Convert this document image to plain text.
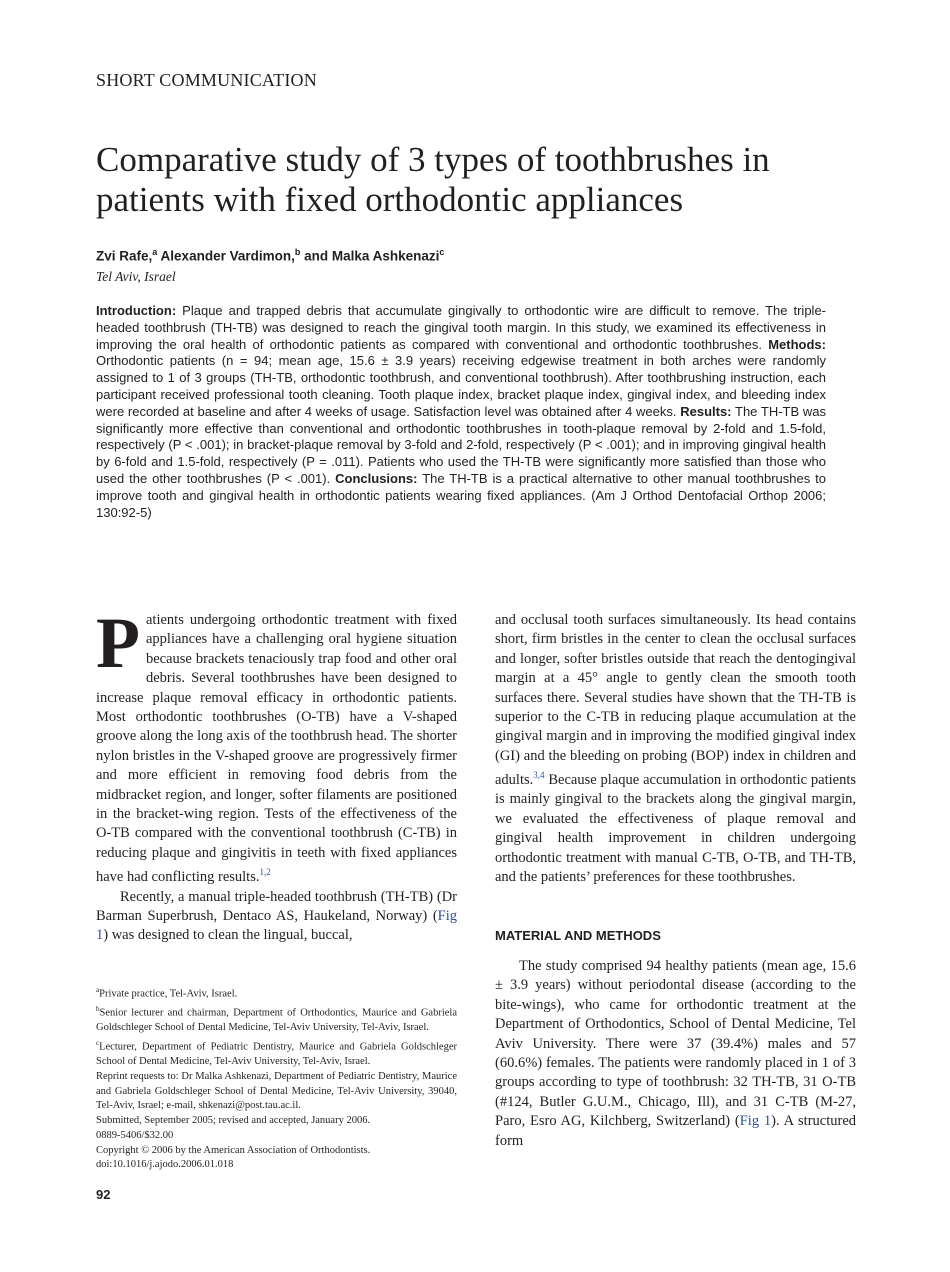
SHORT COMMUNICATION
Comparative study of 3 types of toothbrushes in patients with fixed orthodontic appliances
Zvi Rafe,$^a$ Alexander Vardimon,$^b$ and Malka Ashkenazi$^c$
Tel Aviv, Israel
Introduction: Plaque and trapped debris that accumulate gingivally to orthodontic wire are difficult to remove. The triple-headed toothbrush (TH-TB) was designed to reach the gingival tooth margin. In this study, we examined its effectiveness in improving the oral health of orthodontic patients as compared with conventional and orthodontic toothbrushes. Methods: Orthodontic patients (n = 94; mean age, 15.6 ± 3.9 years) receiving edgewise treatment in both arches were randomly assigned to 1 of 3 groups (TH-TB, orthodontic toothbrush, and conventional toothbrush). After toothbrushing instruction, each participant received professional tooth cleaning. Tooth plaque index, bracket plaque index, gingival index, and bleeding index were recorded at baseline and after 4 weeks of usage. Satisfaction level was obtained after 4 weeks. Results: The TH-TB was significantly more effective than conventional and orthodontic toothbrushes in tooth-plaque removal by 2-fold and 1.5-fold, respectively (P < .001); in bracket-plaque removal by 3-fold and 2-fold, respectively (P < .001); and in improving gingival health by 6-fold and 1.5-fold, respectively (P = .011). Patients who used the TH-TB were significantly more satisfied than those who used the other toothbrushes (P < .001). Conclusions: The TH-TB is a practical alternative to other manual toothbrushes to improve tooth and gingival health in orthodontic patients wearing fixed appliances. (Am J Orthod Dentofacial Orthop 2006; 130:92-5)

Patients undergoing orthodontic treatment with fixed appliances have a challenging oral hygiene situation because brackets tenaciously trap food and other oral debris. Several toothbrushes have been designed to increase plaque removal efficacy in orthodontic patients. Most orthodontic toothbrushes (O-TB) have a V-shaped groove along the long axis of the toothbrush head. The shorter nylon bristles in the V-shaped groove are progressively firmer and more efficient in removing food debris from the midbracket region, and longer, softer filaments are positioned in the bracket-wing region. Tests of the effectiveness of the O-TB compared with the conventional toothbrush (C-TB) in reducing plaque and gingivitis in teeth with fixed appliances have had conflicting results.$^{1,2}$

Recently, a manual triple-headed toothbrush (TH-TB) (Dr Barman Superbrush, Dentaco AS, Haukeland, Norway) (Fig 1) was designed to clean the lingual, buccal,

and occlusal tooth surfaces simultaneously. Its head contains short, firm bristles in the center to clean the occlusal surfaces and longer, softer bristles outside that reach the dentogingival margin at a 45° angle to gently clean the smooth tooth surfaces there. Several studies have shown that the TH-TB is superior to the C-TB in reducing plaque accumulation at the gingival margin and in improving the modified gingival index (GI) and the bleeding on probing (BOP) index in children and adults.$^{3,4}$ Because plaque accumulation in orthodontic patients is mainly gingival to the brackets along the gingival margin, we evaluated the effectiveness of plaque removal and gingival health improvement in children undergoing orthodontic treatment with manual C-TB, O-TB, and TH-TB, and the patients’ preferences for these toothbrushes.

MATERIAL AND METHODS

The study comprised 94 healthy patients (mean age, 15.6 ± 3.9 years) without periodontal disease (according to the bite-wings), who came for orthodontic treatment at the Department of Orthodontics, School of Dental Medicine, Tel Aviv University. There were 37 (39.4%) males and 57 (60.6%) females. The patients were randomly placed in 1 of 3 groups according to type of toothbrush: 32 TH-TB, 31 O-TB (#124, Butler G.U.M., Chicago, Ill), and 31 C-TB (M-27, Paro, Esro AG, Kilchberg, Switzerland) (Fig 1). A structured form

$^a$Private practice, Tel-Aviv, Israel.
$^b$Senior lecturer and chairman, Department of Orthodontics, Maurice and Gabriela Goldschleger School of Dental Medicine, Tel-Aviv University, Tel-Aviv, Israel.
$^c$Lecturer, Department of Pediatric Dentistry, Maurice and Gabriela Goldschleger School of Dental Medicine, Tel-Aviv University, Tel-Aviv, Israel.
Reprint requests to: Dr Malka Ashkenazi, Department of Pediatric Dentistry, Maurice and Gabriela Goldschleger School of Dental Medicine, Tel-Aviv University, 39040, Tel-Aviv, Israel; e-mail, shkenazi@post.tau.ac.il.
Submitted, September 2005; revised and accepted, January 2006.
0889-5406/$32.00
Copyright © 2006 by the American Association of Orthodontists.
doi:10.1016/j.ajodo.2006.01.018
92
